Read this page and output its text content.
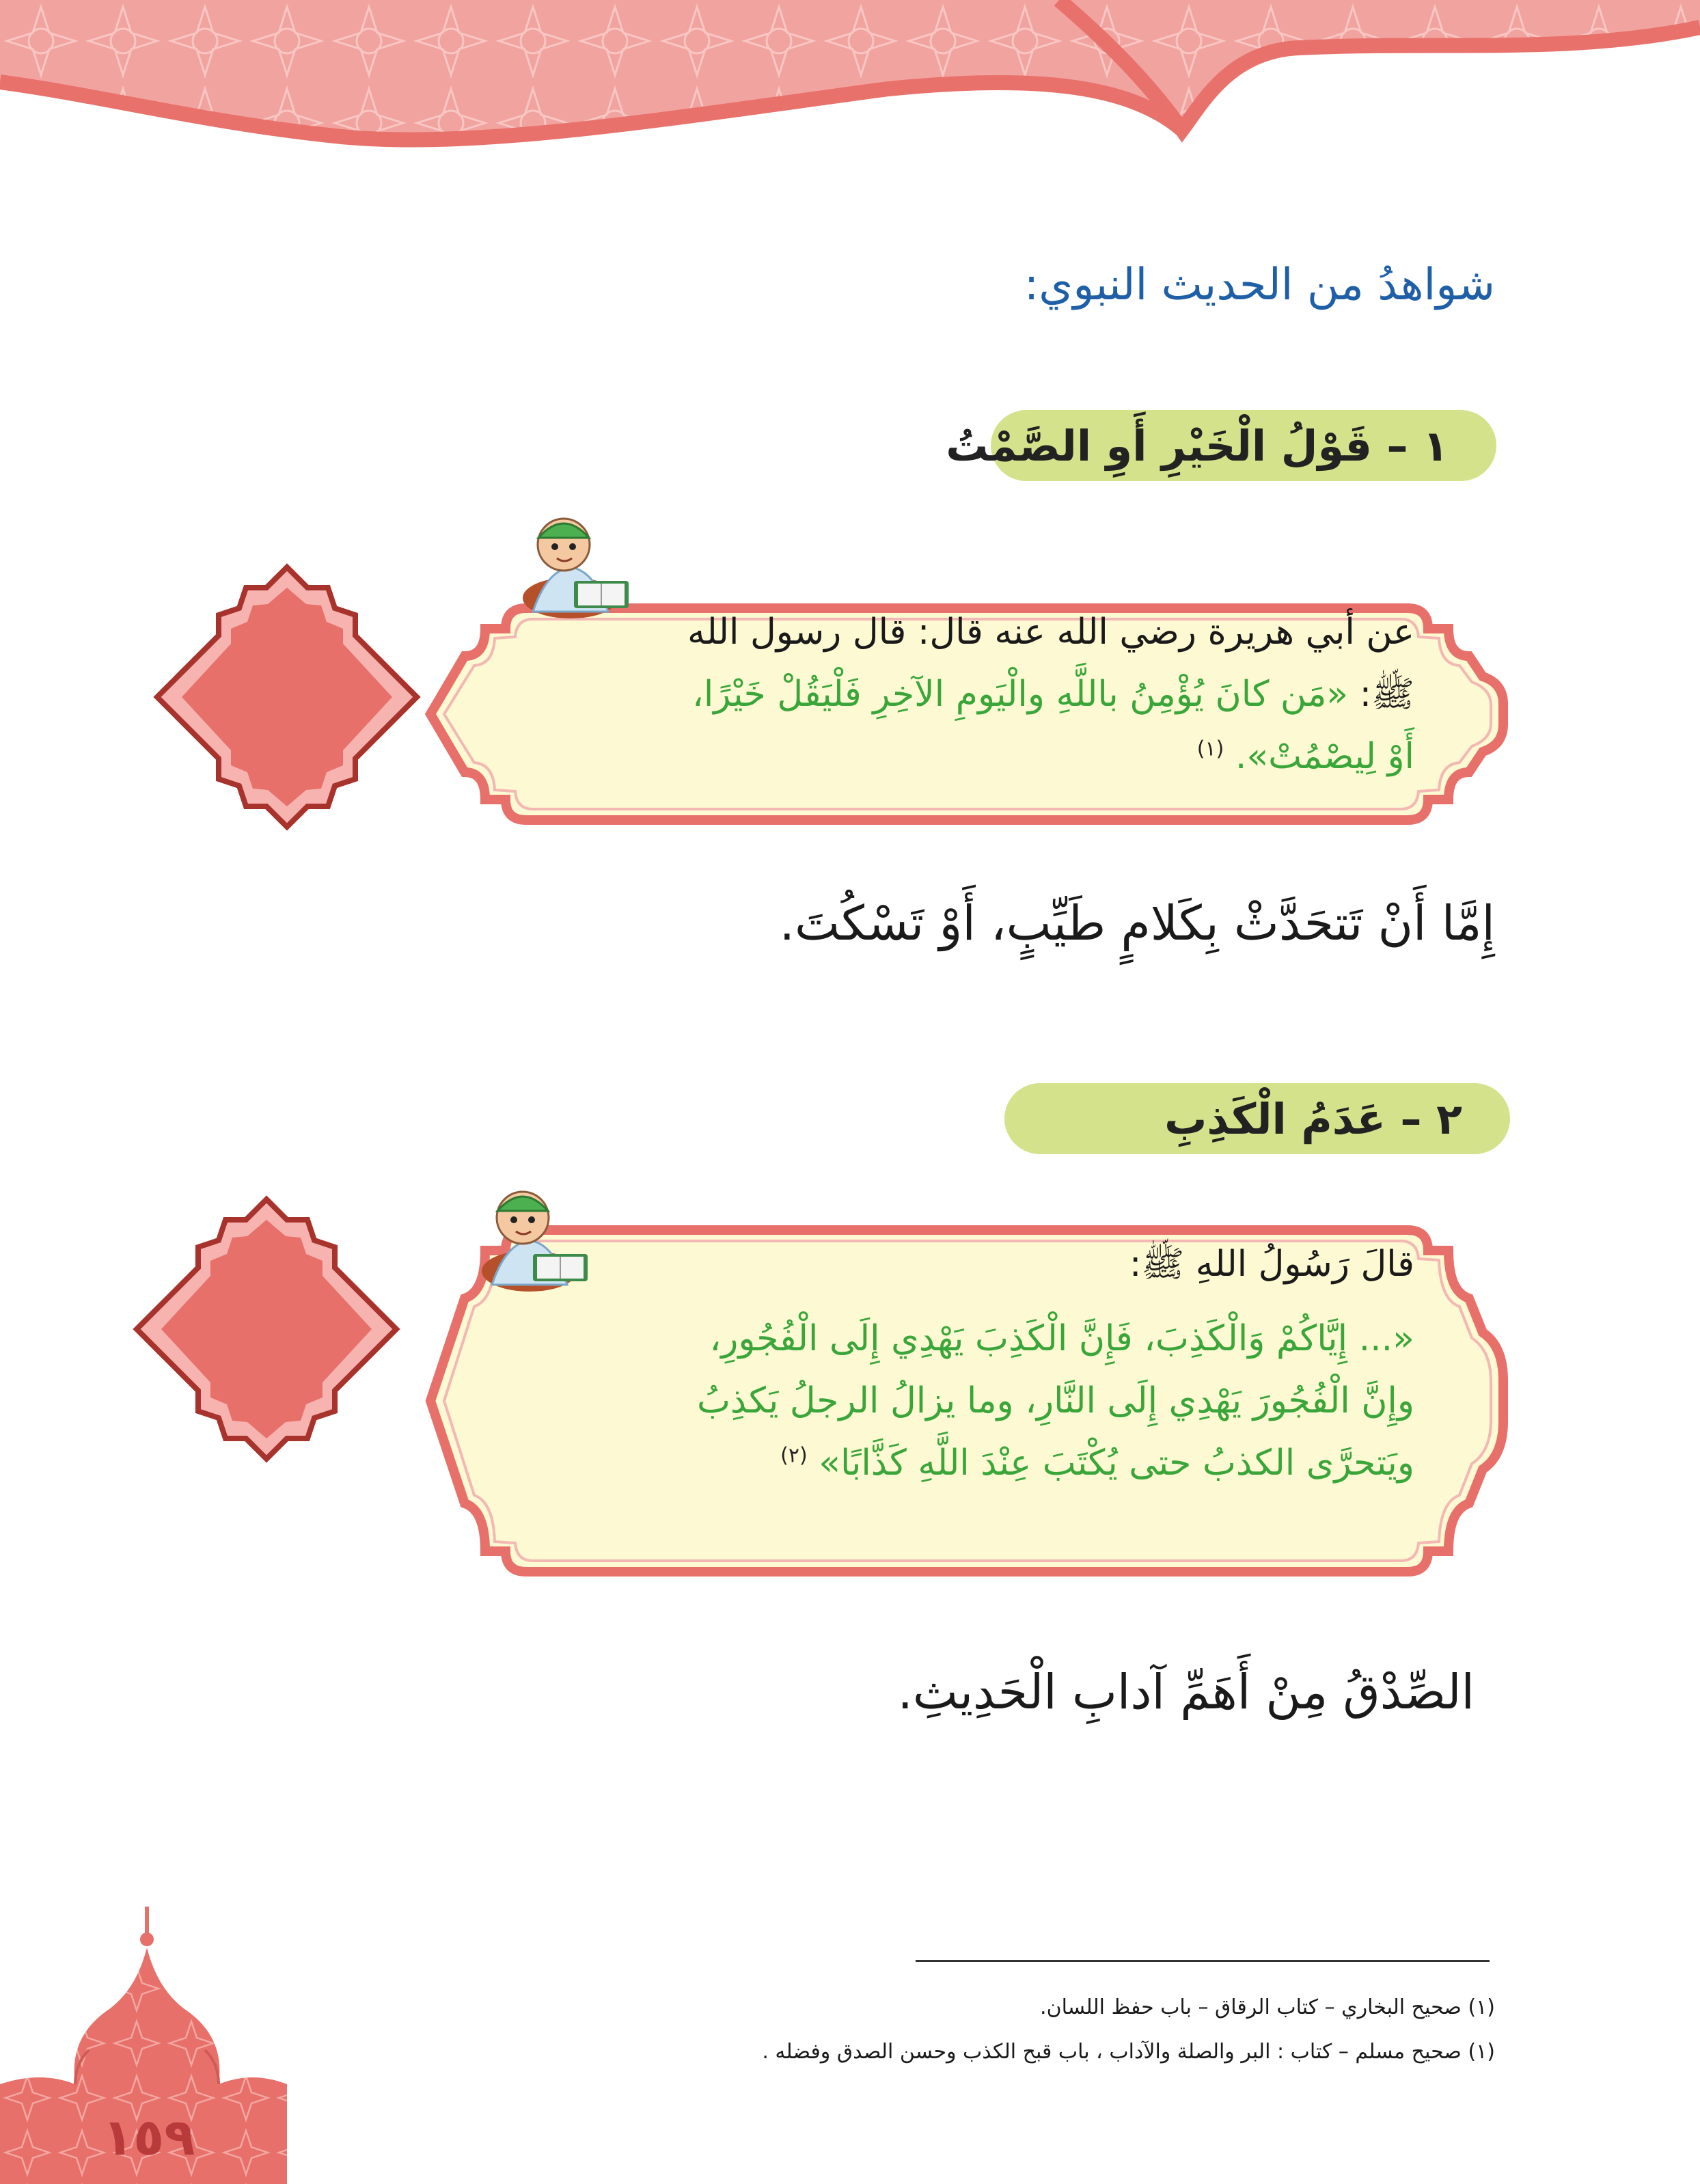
شواهدُ من الحديث النبوي:
١ – قَوْلُ الْخَيْرِ أَوِ الصَّمْتُ
عن أبي هريرة رضي الله عنه قال: قال رسول الله
ﷺ: «مَن كانَ يُؤْمِنُ باللَّهِ والْيَومِ الآخِرِ فَلْيَقُلْ خَيْرًا،
أَوْ لِيصْمُتْ». $^{(١)}$
إِمَّا أَنْ تَتحَدَّثْ بِكَلامٍ طَيِّبٍ، أَوْ تَسْكُتَ.
٢ – عَدَمُ الْكَذِبِ
قالَ رَسُولُ اللهِ ﷺ:
«... إِيَّاكُمْ وَالْكَذِبَ، فَإِنَّ الْكَذِبَ يَهْدِي إِلَى الْفُجُورِ،
وإِنَّ الْفُجُورَ يَهْدِي إِلَى النَّارِ، وما يزالُ الرجلُ يَكذِبُ
ويَتحرَّى الكذبُ حتى يُكْتَبَ عِنْدَ اللَّهِ كَذَّابًا» $^{(٢)}$
الصِّدْقُ مِنْ أَهَمِّ آدابِ الْحَدِيثِ.
(١) صحيح البخاري – كتاب الرقاق – باب حفظ اللسان.
(١) صحيح مسلم – كتاب : البر والصلة والآداب ، باب قبح الكذب وحسن الصدق وفضله .
١٥٩
